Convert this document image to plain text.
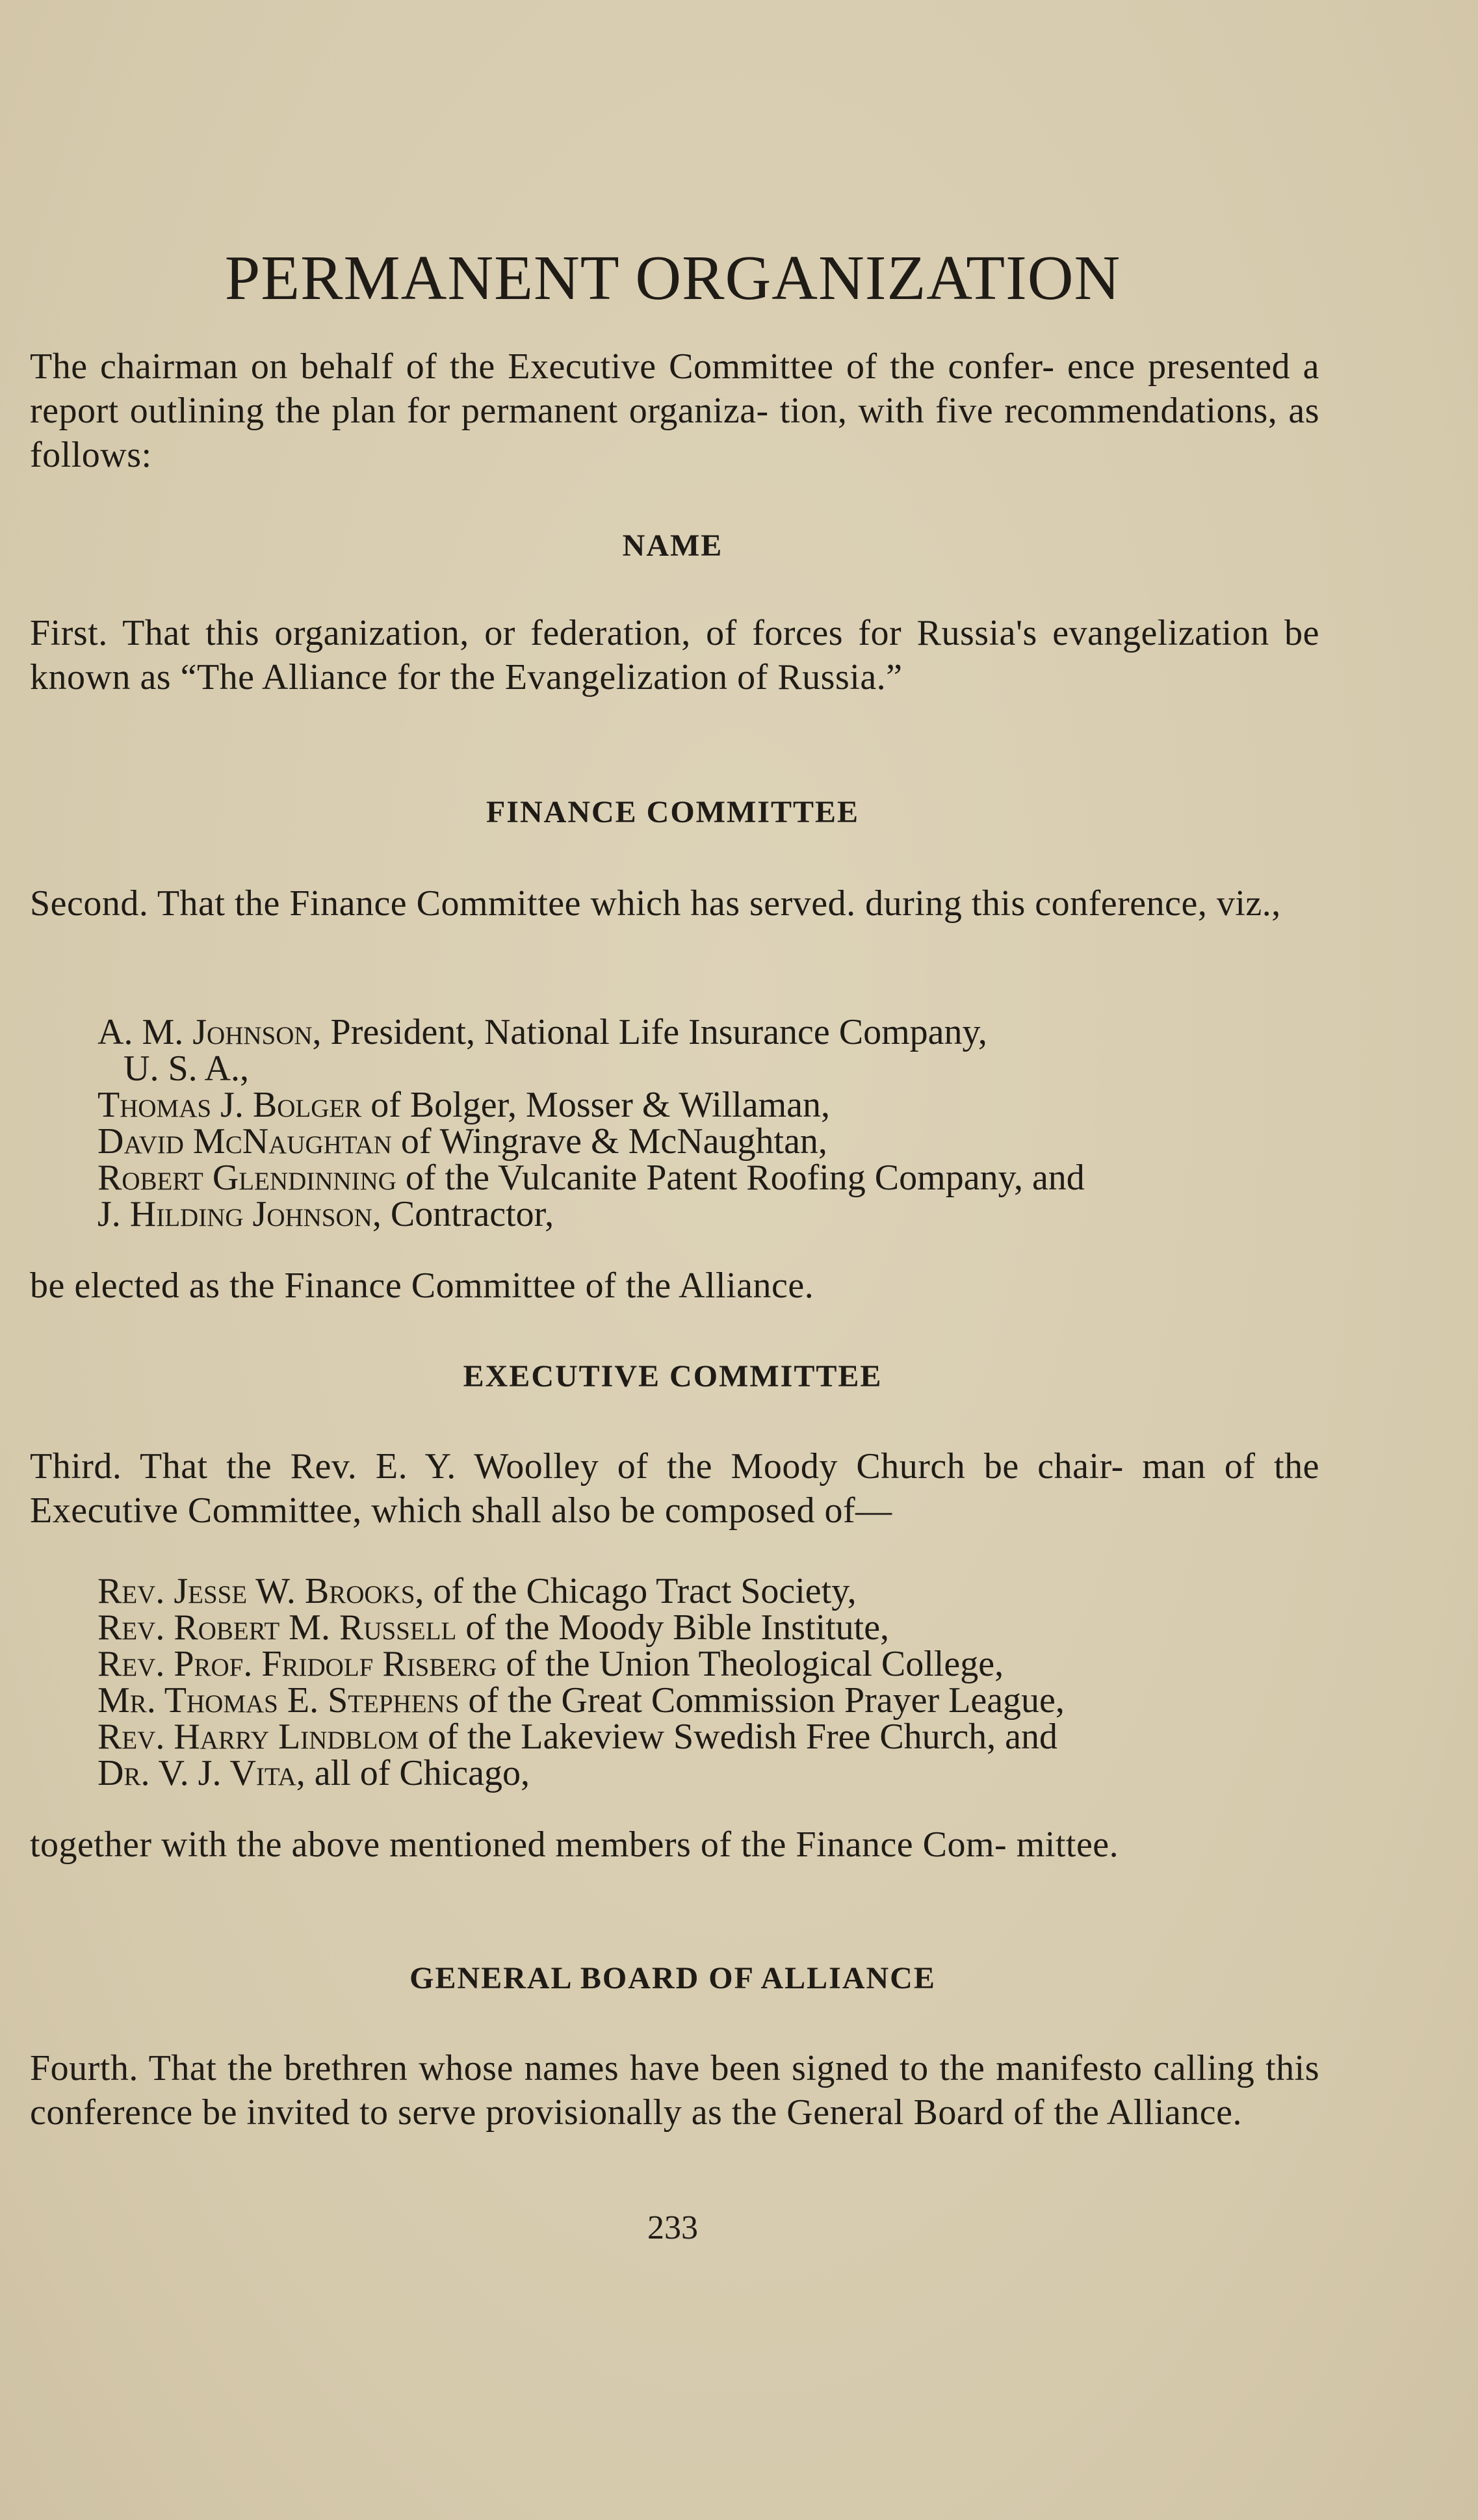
PERMANENT ORGANIZATION

The chairman on behalf of the Executive Committee of the confer- ence presented a report outlining the plan for permanent organiza- tion, with five recommendations, as follows:

NAME

First. That this organization, or federation, of forces for Russia's evangelization be known as “The Alliance for the Evangelization of Russia.”

FINANCE COMMITTEE

Second. That the Finance Committee which has served. during this conference, viz.,

A. M. Johnson, President, National Life Insurance Company,
U. S. A.,
Thomas J. Bolger of Bolger, Mosser & Willaman,
David McNaughtan of Wingrave & McNaughtan,
Robert Glendinning of the Vulcanite Patent Roofing Company, and
J. Hilding Johnson, Contractor,

be elected as the Finance Committee of the Alliance.

EXECUTIVE COMMITTEE

Third. That the Rev. E. Y. Woolley of the Moody Church be chair- man of the Executive Committee, which shall also be composed of—

Rev. Jesse W. Brooks, of the Chicago Tract Society,
Rev. Robert M. Russell of the Moody Bible Institute,
Rev. Prof. Fridolf Risberg of the Union Theological College,
Mr. Thomas E. Stephens of the Great Commission Prayer League,
Rev. Harry Lindblom of the Lakeview Swedish Free Church, and
Dr. V. J. Vita, all of Chicago,

together with the above mentioned members of the Finance Com- mittee.

GENERAL BOARD OF ALLIANCE

Fourth. That the brethren whose names have been signed to the manifesto calling this conference be invited to serve provisionally as the General Board of the Alliance.

233
